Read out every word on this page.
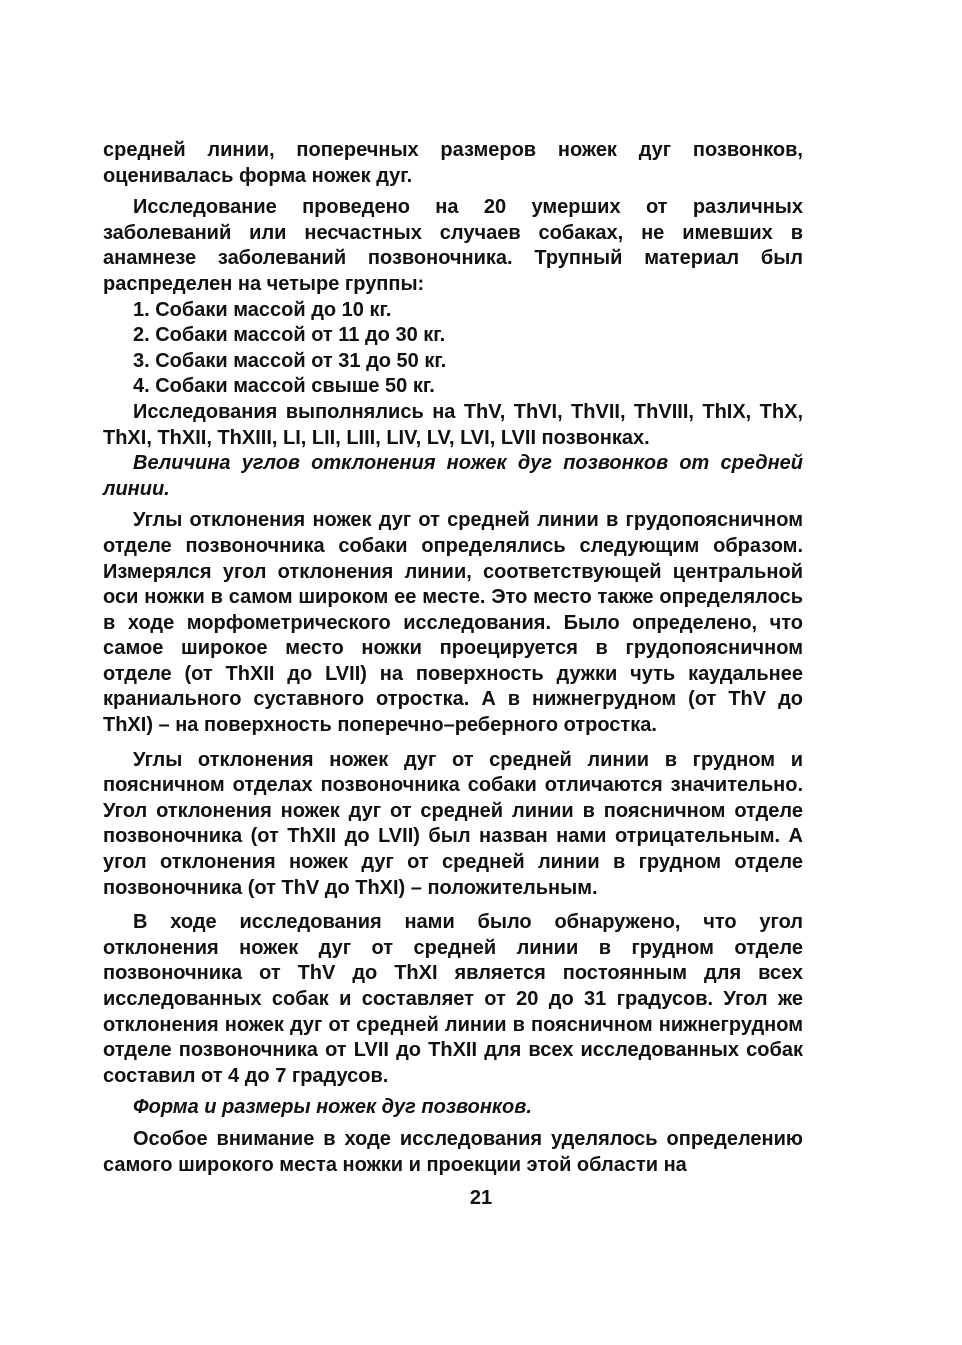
средней линии, поперечных размеров ножек дуг позвонков, оценивалась форма ножек дуг.

Исследование проведено на 20 умерших от различных заболеваний или несчастных случаев собаках, не имевших в анамнезе заболеваний позвоночника. Трупный материал был распределен на четыре группы:

1. Собаки массой до 10 кг.
2. Собаки массой от 11 до 30 кг.
3. Собаки массой от 31 до 50 кг.
4. Собаки массой свыше 50 кг.

Исследования выполнялись на ThV, ThVI, ThVII, ThVIII, ThIX, ThX, ThXI, ThXII, ThXIII, LI, LII, LIII, LIV, LV, LVI, LVII позвонках.

Величина углов отклонения ножек дуг позвонков от средней линии.

Углы отклонения ножек дуг от средней линии в грудопоясничном отделе позвоночника собаки определялись следующим образом. Измерялся угол отклонения линии, соответствующей центральной оси ножки в самом широком ее месте. Это место также определялось в ходе морфометрического исследования. Было определено, что самое широкое место ножки проецируется в грудопоясничном отделе (от ThXII до LVII) на поверхность дужки чуть каудальнее краниального суставного отростка. А в нижнегрудном (от ThV до ThXI) – на поверхность поперечно–реберного отростка.

Углы отклонения ножек дуг от средней линии в грудном и поясничном отделах позвоночника собаки отличаются значительно. Угол отклонения ножек дуг от средней линии в поясничном отделе позвоночника (от ThXII до LVII) был назван нами отрицательным. А угол отклонения ножек дуг от средней линии в грудном отделе позвоночника (от ThV до ThXI) – положительным.

В ходе исследования нами было обнаружено, что угол отклонения ножек дуг от средней линии в грудном отделе позвоночника от ThV до ThXI является постоянным для всех исследованных собак и составляет от 20 до 31 градусов. Угол же отклонения ножек дуг от средней линии в поясничном нижнегрудном отделе позвоночника от LVII до ThXII для всех исследованных собак составил от 4 до 7 градусов.

Форма и размеры ножек дуг позвонков.

Особое внимание в ходе исследования уделялось определению самого широкого места ножки и проекции этой области на

21
